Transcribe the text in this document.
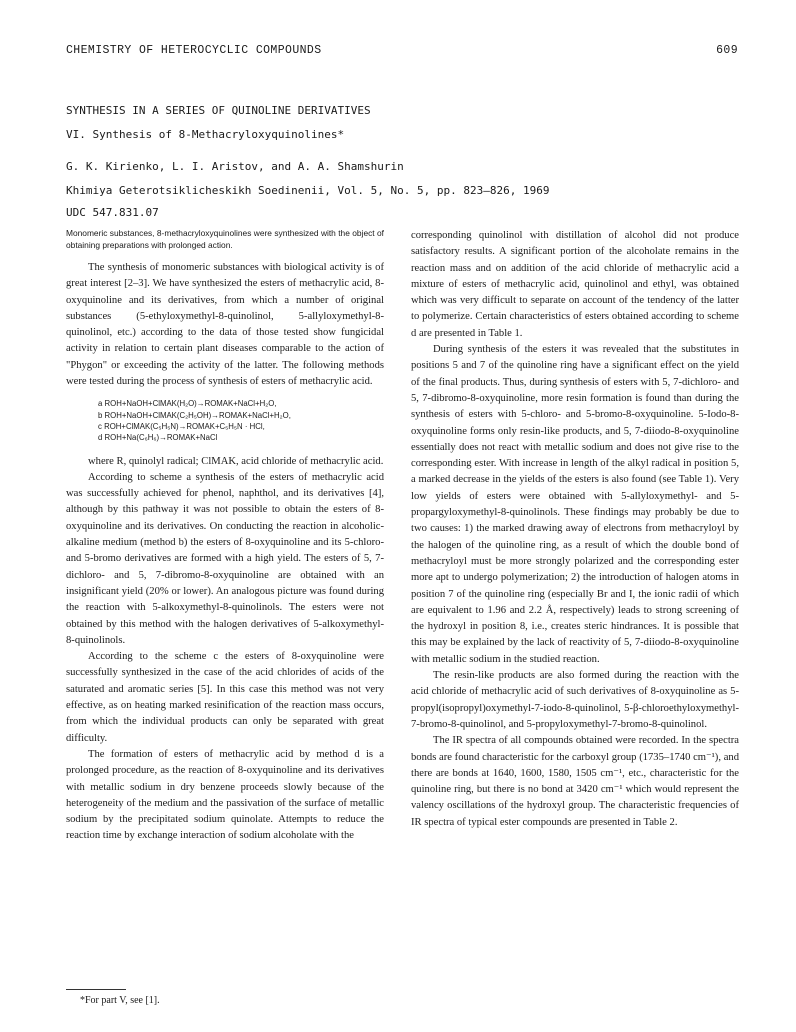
CHEMISTRY OF HETEROCYCLIC COMPOUNDS	609
SYNTHESIS IN A SERIES OF QUINOLINE DERIVATIVES
VI. Synthesis of 8-Methacryloxyquinolines*
G. K. Kirienko, L. I. Aristov, and A. A. Shamshurin
Khimiya Geterotsiklicheskikh Soedinenii, Vol. 5, No. 5, pp. 823–826, 1969
UDC 547.831.07

Monomeric substances, 8-methacryloxyquinolines were synthesized with the object of obtaining preparations with prolonged action.

The synthesis of monomeric substances with biological activity is of great interest [2–3]. We have synthesized the esters of methacrylic acid, 8-oxyquinoline and its derivatives, from which a number of original substances (5-ethyloxymethyl-8-quinolinol, 5-allyloxymethyl-8-quinolinol, etc.) according to the data of those tested show fungicidal activity in relation to certain plant diseases comparable to the action of "Phygon" or exceeding the activity of the latter. The following methods were tested during the process of synthesis of esters of methacrylic acid.

a ROH+NaOH+ClMAK(H₂O)→ROMAK+NaCl+H₂O,
b ROH+NaOH+ClMAK(C₂H₅OH)→ROMAK+NaCl+H₂O,
c ROH+ClMAK(C₅H₅N)→ROMAK+C₅H₅N · HCl,
d ROH+Na(C₆H₆)→ROMAK+NaCl

where R, quinolyl radical; ClMAK, acid chloride of methacrylic acid.

According to scheme a synthesis of the esters of methacrylic acid was successfully achieved for phenol, naphthol, and its derivatives [4], although by this pathway it was not possible to obtain the esters of 8-oxyquinoline and its derivatives. On conducting the reaction in alcoholic-alkaline medium (method b) the esters of 8-oxyquinoline and its 5-chloro- and 5-bromo derivatives are formed with a high yield. The esters of 5, 7-dichloro- and 5, 7-dibromo-8-oxyquinoline are obtained with an insignificant yield (20% or lower). An analogous picture was found during the reaction with 5-alkoxymethyl-8-quinolinols. The esters were not obtained by this method with the halogen derivatives of 5-alkoxymethyl-8-quinolinols.

According to the scheme c the esters of 8-oxyquinoline were successfully synthesized in the case of the acid chlorides of acids of the saturated and aromatic series [5]. In this case this method was not very effective, as on heating marked resinification of the reaction mass occurs, from which the individual products can only be separated with great difficulty.

The formation of esters of methacrylic acid by method d is a prolonged procedure, as the reaction of 8-oxyquinoline and its derivatives with metallic sodium in dry benzene proceeds slowly because of the heterogeneity of the medium and the passivation of the surface of metallic sodium by the precipitated sodium quinolate. Attempts to reduce the reaction time by exchange interaction of sodium alcoholate with the

corresponding quinolinol with distillation of alcohol did not produce satisfactory results. A significant portion of the alcoholate remains in the reaction mass and on addition of the acid chloride of methacrylic acid a mixture of esters of methacrylic acid, quinolinol and ethyl, was obtained which was very difficult to separate on account of the tendency of the latter to polymerize. Certain characteristics of esters obtained according to scheme d are presented in Table 1.

During synthesis of the esters it was revealed that the substitutes in positions 5 and 7 of the quinoline ring have a significant effect on the yield of the final products. Thus, during synthesis of esters with 5, 7-dichloro- and 5, 7-dibromo-8-oxyquinoline, more resin formation is found than during the synthesis of esters with 5-chloro- and 5-bromo-8-oxyquinoline. 5-Iodo-8-oxyquinoline forms only resin-like products, and 5, 7-diiodo-8-oxyquinoline essentially does not react with metallic sodium and does not give rise to the corresponding ester. With increase in length of the alkyl radical in position 5, a marked decrease in the yields of the esters is also found (see Table 1). Very low yields of esters were obtained with 5-allyloxymethyl- and 5-propargyloxymethyl-8-quinolinols. These findings may probably be due to two causes: 1) the marked drawing away of electrons from methacryloyl by the halogen of the quinoline ring, as a result of which the double bond of methacryloyl must be more strongly polarized and the corresponding ester more apt to undergo polymerization; 2) the introduction of halogen atoms in position 7 of the quinoline ring (especially Br and I, the ionic radii of which are equivalent to 1.96 and 2.2 Å, respectively) leads to strong screening of the hydroxyl in position 8, i.e., creates steric hindrances. It is possible that this may be explained by the lack of reactivity of 5, 7-diiodo-8-oxyquinoline with metallic sodium in the studied reaction.

The resin-like products are also formed during the reaction with the acid chloride of methacrylic acid of such derivatives of 8-oxyquinoline as 5-propyl(isopropyl)oxymethyl-7-iodo-8-quinolinol, 5-β-chloroethyloxymethyl-7-bromo-8-quinolinol, and 5-propyloxymethyl-7-bromo-8-quinolinol.

The IR spectra of all compounds obtained were recorded. In the spectra bonds are found characteristic for the carboxyl group (1735–1740 cm⁻¹), and there are bonds at 1640, 1600, 1580, 1505 cm⁻¹, etc., characteristic for the quinoline ring, but there is no bond at 3420 cm⁻¹ which would represent the valency oscillations of the hydroxyl group. The characteristic frequencies of IR spectra of typical ester compounds are presented in Table 2.

*For part V, see [1].
